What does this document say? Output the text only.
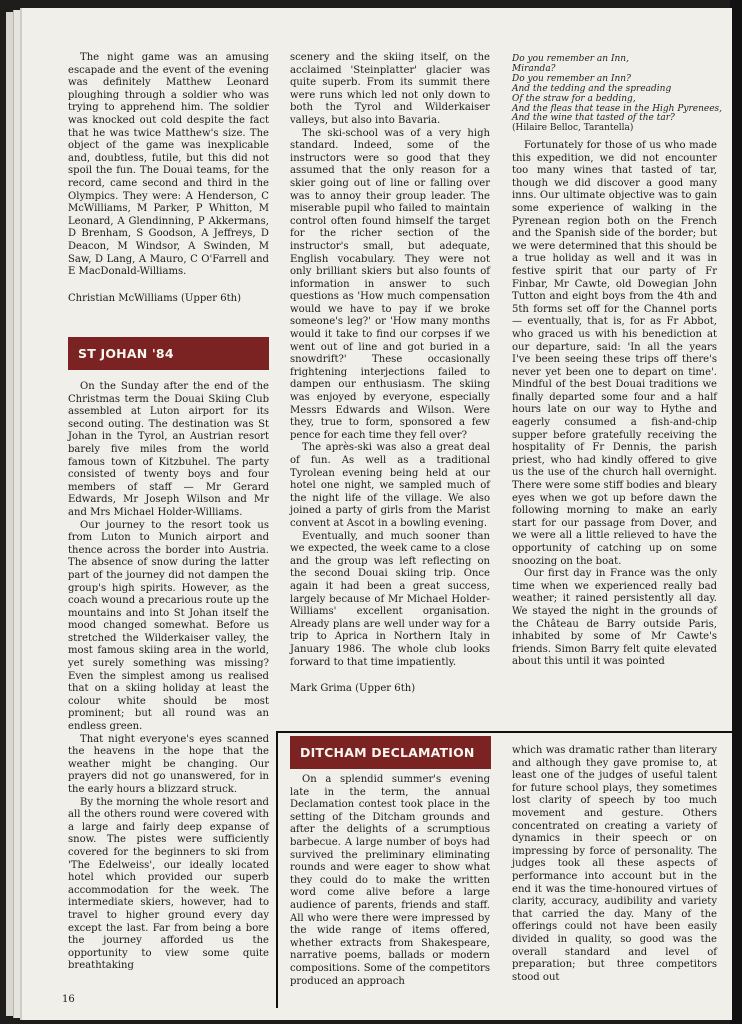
The night game was an amusing escapade and the event of the evening was definitely Matthew Leonard ploughing through a soldier who was trying to apprehend him. The soldier was knocked out cold despite the fact that he was twice Matthew's size. The object of the game was inexplicable and, doubtless, futile, but this did not spoil the fun. The Douai teams, for the record, came second and third in the Olympics. They were: A Henderson, C McWilliams, M Parker, P Whitton, M Leonard, A Glendinning, P Akkermans, D Brenham, S Goodson, A Jeffreys, D Deacon, M Windsor, A Swinden, M Saw, D Lang, A Mauro, C O'Farrell and E MacDonald-Williams.

Christian McWilliams (Upper 6th)

ST JOHAN '84

On the Sunday after the end of the Christmas term the Douai Skiing Club assembled at Luton airport for its second outing. The destination was St Johan in the Tyrol, an Austrian resort barely five miles from the world famous town of Kitzbuhel. The party consisted of twenty boys and four members of staff — Mr Gerard Edwards, Mr Joseph Wilson and Mr and Mrs Michael Holder-Williams.

Our journey to the resort took us from Luton to Munich airport and thence across the border into Austria. The absence of snow during the latter part of the journey did not dampen the group's high spirits. However, as the coach wound a precarious route up the mountains and into St Johan itself the mood changed somewhat. Before us stretched the Wilderkaiser valley, the most famous skiing area in the world, yet surely something was missing? Even the simplest among us realised that on a skiing holiday at least the colour white should be most prominent; but all round was an endless green.

That night everyone's eyes scanned the heavens in the hope that the weather might be changing. Our prayers did not go unanswered, for in the early hours a blizzard struck.

By the morning the whole resort and all the others round were covered with a large and fairly deep expanse of snow. The pistes were sufficiently covered for the beginners to ski from 'The Edelweiss', our ideally located hotel which provided our superb accommodation for the week. The intermediate skiers, however, had to travel to higher ground every day except the last. Far from being a bore the journey afforded us the opportunity to view some quite breathtaking

scenery and the skiing itself, on the acclaimed 'Steinplatter' glacier was quite superb. From its summit there were runs which led not only down to both the Tyrol and Wilderkaiser valleys, but also into Bavaria.

The ski-school was of a very high standard. Indeed, some of the instructors were so good that they assumed that the only reason for a skier going out of line or falling over was to annoy their group leader. The miserable pupil who failed to maintain control often found himself the target for the richer section of the instructor's small, but adequate, English vocabulary. They were not only brilliant skiers but also founts of information in answer to such questions as 'How much compensation would we have to pay if we broke someone's leg?' or 'How many months would it take to find our corpses if we went out of line and got buried in a snowdrift?' These occasionally frightening interjections failed to dampen our enthusiasm. The skiing was enjoyed by everyone, especially Messrs Edwards and Wilson. Were they, true to form, sponsored a few pence for each time they fell over?

The après-ski was also a great deal of fun. As well as a traditional Tyrolean evening being held at our hotel one night, we sampled much of the night life of the village. We also joined a party of girls from the Marist convent at Ascot in a bowling evening.

Eventually, and much sooner than we expected, the week came to a close and the group was left reflecting on the second Douai skiing trip. Once again it had been a great success, largely because of Mr Michael Holder-Williams' excellent organisation. Already plans are well under way for a trip to Aprica in Northern Italy in January 1986. The whole club looks forward to that time impatiently.

Mark Grima (Upper 6th)

Do you remember an Inn,
Miranda?
Do you remember an Inn?
And the tedding and the spreading
Of the straw for a bedding,
And the fleas that tease in the High Pyrenees,
And the wine that tasted of the tar?
(Hilaire Belloc, Tarantella)

Fortunately for those of us who made this expedition, we did not encounter too many wines that tasted of tar, though we did discover a good many inns. Our ultimate objective was to gain some experience of walking in the Pyrenean region both on the French and the Spanish side of the border; but we were determined that this should be a true holiday as well and it was in festive spirit that our party of Fr Finbar, Mr Cawte, old Dowegian John Tutton and eight boys from the 4th and 5th forms set off for the Channel ports — eventually, that is, for as Fr Abbot, who graced us with his benediction at our departure, said: 'In all the years I've been seeing these trips off there's never yet been one to depart on time'. Mindful of the best Douai traditions we finally departed some four and a half hours late on our way to Hythe and eagerly consumed a fish-and-chip supper before gratefully receiving the hospitality of Fr Dennis, the parish priest, who had kindly offered to give us the use of the church hall overnight. There were some stiff bodies and bleary eyes when we got up before dawn the following morning to make an early start for our passage from Dover, and we were all a little relieved to have the opportunity of catching up on some snoozing on the boat.

Our first day in France was the only time when we experienced really bad weather; it rained persistently all day. We stayed the night in the grounds of the Château de Barry outside Paris, inhabited by some of Mr Cawte's friends. Simon Barry felt quite elevated about this until it was pointed

DITCHAM DECLAMATION

On a splendid summer's evening late in the term, the annual Declamation contest took place in the setting of the Ditcham grounds and after the delights of a scrumptious barbecue. A large number of boys had survived the preliminary eliminating rounds and were eager to show what they could do to make the written word come alive before a large audience of parents, friends and staff. All who were there were impressed by the wide range of items offered, whether extracts from Shakespeare, narrative poems, ballads or modern compositions. Some of the competitors produced an approach

which was dramatic rather than literary and although they gave promise to, at least one of the judges of useful talent for future school plays, they sometimes lost clarity of speech by too much movement and gesture. Others concentrated on creating a variety of dynamics in their speech or on impressing by force of personality. The judges took all these aspects of performance into account but in the end it was the time-honoured virtues of clarity, accuracy, audibility and variety that carried the day. Many of the offerings could not have been easily divided in quality, so good was the overall standard and level of preparation; but three competitors stood out

16
